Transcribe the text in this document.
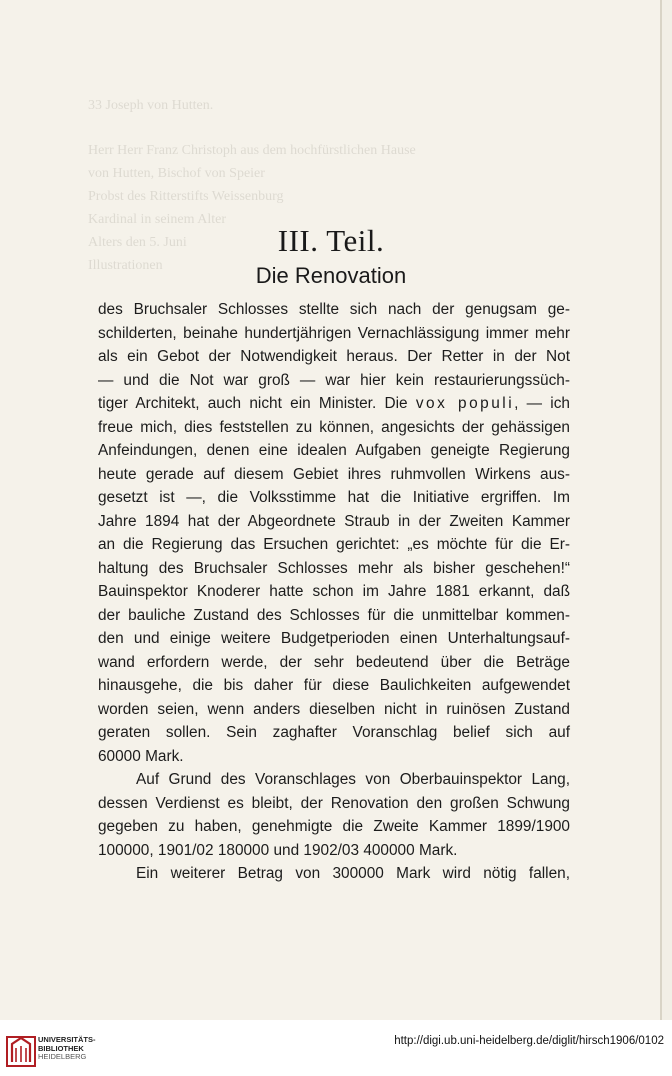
33 Joseph von Hutten.
Herr Herr Franz Christoph aus dem hochfürstlichen Hause
von Hutten, Bischof von Speier
Probst des Ritterstifts Weissenburg
Kardinal in seinem Alter
Alters den 5. Juni
Illustrationen
III. Teil.
Die Renovation
des Bruchsaler Schlosses stellte sich nach der genugsam ge-
schilderten, beinahe hundertjährigen Vernachlässigung immer mehr
als ein Gebot der Notwendigkeit heraus. Der Retter in der Not
— und die Not war groß — war hier kein restaurierungssüch-
tiger Architekt, auch nicht ein Minister. Die vox populi, — ich
freue mich, dies feststellen zu können, angesichts der gehässigen
Anfeindungen, denen eine idealen Aufgaben geneigte Regierung
heute gerade auf diesem Gebiet ihres ruhmvollen Wirkens aus-
gesetzt ist —, die Volksstimme hat die Initiative ergriffen. Im
Jahre 1894 hat der Abgeordnete Straub in der Zweiten Kammer
an die Regierung das Ersuchen gerichtet: „es möchte für die Er-
haltung des Bruchsaler Schlosses mehr als bisher geschehen!“
Bauinspektor Knoderer hatte schon im Jahre 1881 erkannt, daß
der bauliche Zustand des Schlosses für die unmittelbar kommen-
den und einige weitere Budgetperioden einen Unterhaltungsauf-
wand erfordern werde, der sehr bedeutend über die Beträge
hinausgehe, die bis daher für diese Baulichkeiten aufgewendet
worden seien, wenn anders dieselben nicht in ruinösen Zustand
geraten sollen. Sein zaghafter Voranschlag belief sich auf
60000 Mark.
Auf Grund des Voranschlages von Oberbauinspektor Lang,
dessen Verdienst es bleibt, der Renovation den großen Schwung
gegeben zu haben, genehmigte die Zweite Kammer 1899/1900
100000, 1901/02 180000 und 1902/03 400000 Mark.
Ein weiterer Betrag von 300000 Mark wird nötig fallen,
UNIVERSITÄTS-
BIBLIOTHEK
HEIDELBERG
http://digi.ub.uni-heidelberg.de/diglit/hirsch1906/0102
